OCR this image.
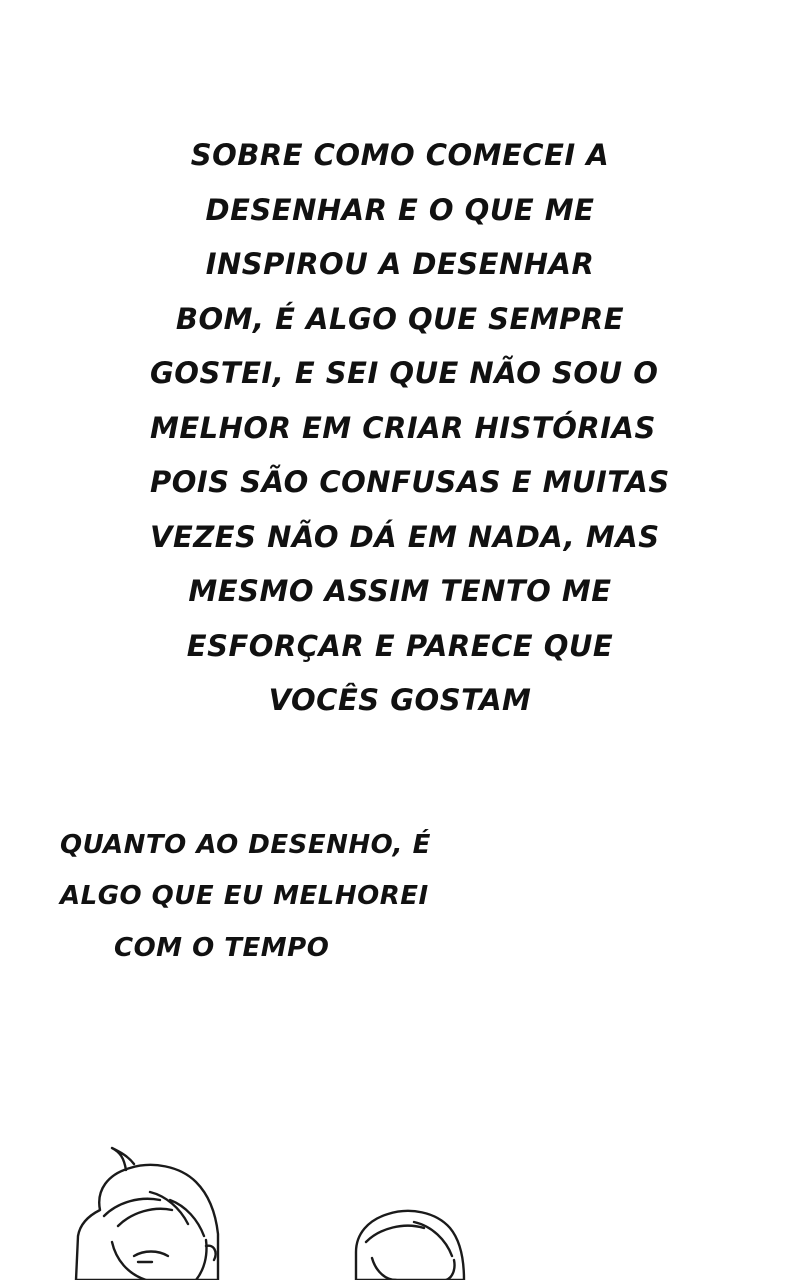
SOBRE COMO COMECEI A
DESENHAR E O QUE ME
INSPIROU A DESENHAR
BOM, É ALGO QUE SEMPRE
GOSTEI, E SEI QUE NÃO SOU O
MELHOR EM CRIAR HISTÓRIAS
POIS SÃO CONFUSAS E MUITAS
VEZES NÃO DÁ EM NADA, MAS
MESMO ASSIM TENTO ME
ESFORÇAR E PARECE QUE
VOCÊS GOSTAM
QUANTO AO DESENHO, É
ALGO QUE EU MELHOREI
COM O TEMPO
